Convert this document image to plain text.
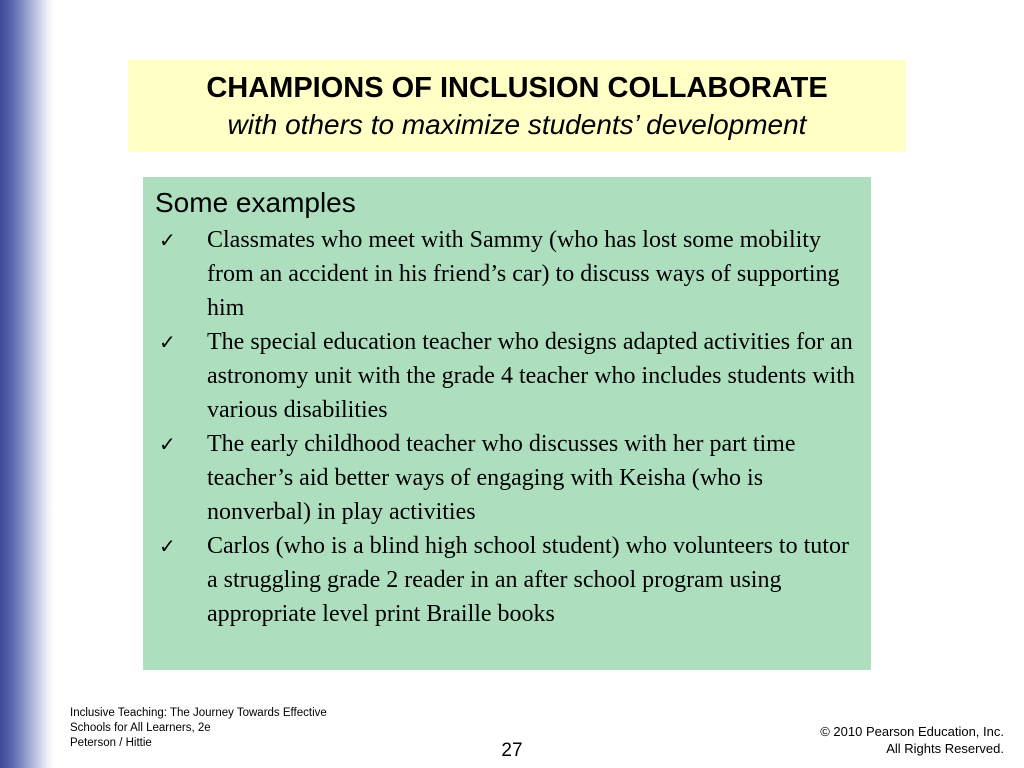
CHAMPIONS OF INCLUSION COLLABORATE
with others to maximize students’ development
Some examples
✓	Classmates who meet with Sammy (who has lost some mobility from an accident in his friend’s car) to discuss ways of supporting him
✓	The special education teacher who designs adapted activities for an astronomy unit with the grade 4 teacher who includes students with various disabilities
✓	The early childhood teacher who discusses with her part time teacher’s aid better ways of engaging with Keisha (who is nonverbal) in play activities
✓	Carlos (who is a blind high school student) who volunteers to tutor a struggling grade 2 reader in an after school program using appropriate level print Braille books
Inclusive Teaching: The Journey Towards Effective
Schools for All Learners, 2e
Peterson / Hittie	27
© 2010 Pearson Education, Inc.
All Rights Reserved.
